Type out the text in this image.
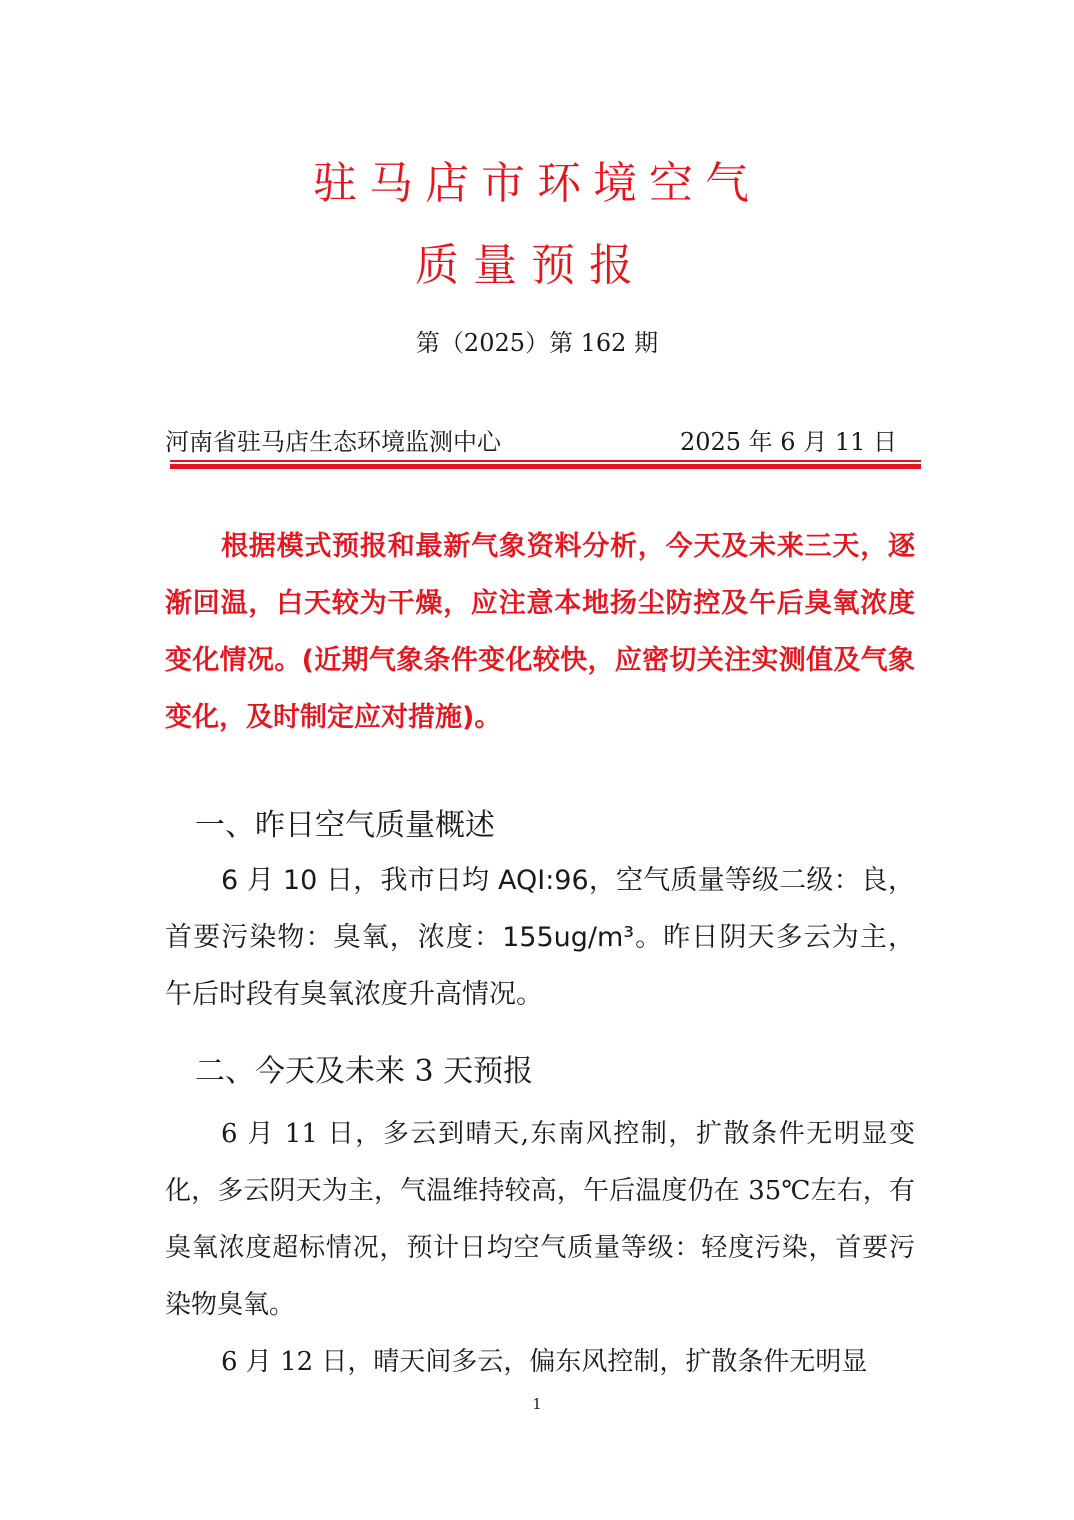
驻马店市环境空气
质量预报
第（2025）第 162 期
河南省驻马店生态环境监测中心	2025 年 6 月 11 日
根据模式预报和最新气象资料分析，今天及未来三天，逐渐回温，白天较为干燥，应注意本地扬尘防控及午后臭氧浓度变化情况。(近期气象条件变化较快，应密切关注实测值及气象变化，及时制定应对措施)。
一、昨日空气质量概述
6 月 10 日，我市日均 AQI:96，空气质量等级二级：良，首要污染物：臭氧，浓度：155ug/m³。昨日阴天多云为主，午后时段有臭氧浓度升高情况。
二、今天及未来 3 天预报
6 月 11 日，多云到晴天,东南风控制，扩散条件无明显变化，多云阴天为主，气温维持较高，午后温度仍在 35℃左右，有臭氧浓度超标情况，预计日均空气质量等级：轻度污染，首要污染物臭氧。
6 月 12 日，晴天间多云，偏东风控制，扩散条件无明显
1
